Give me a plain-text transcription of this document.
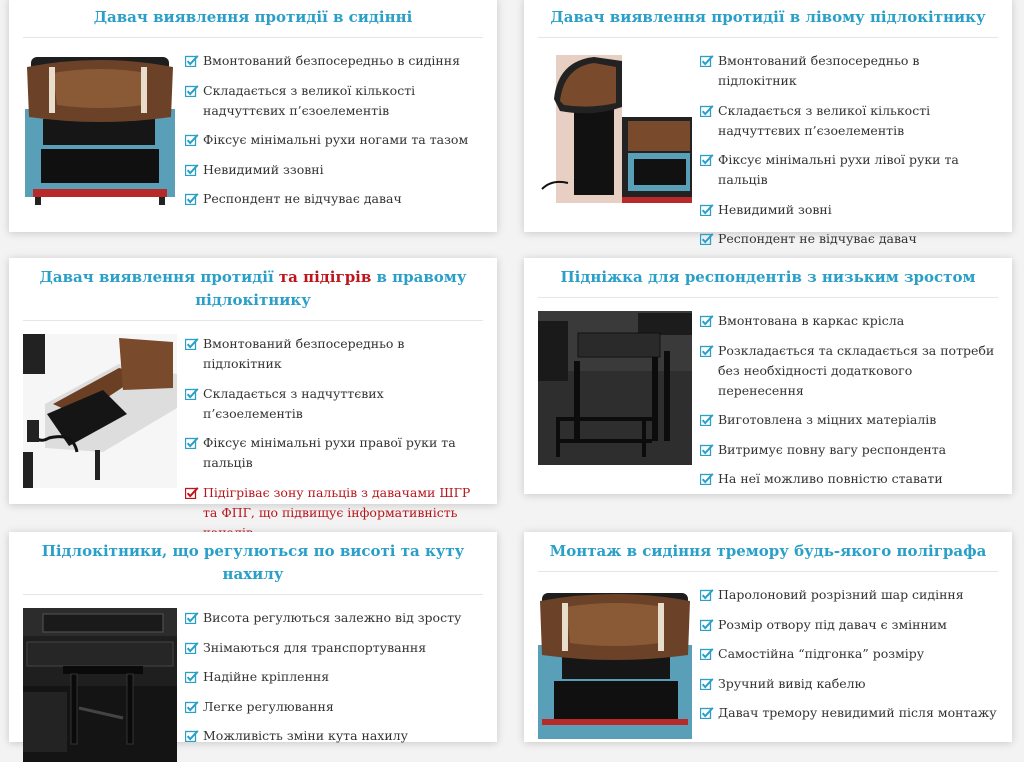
Давач виявлення протидії в сидінні
Вмонтований безпосередньо в сидіння
Складається з великої кількості надчуттєвих п’єзоелементів
Фіксує мінімальні рухи ногами та тазом
Невидимий ззовні
Респондент не відчуває давач
Давач виявлення протидії в лівому підлокітнику
Вмонтований безпосередньо в підлокітник
Складається з великої кількості надчуттєвих п’єзоелементів
Фіксує мінімальні рухи лівої руки та пальців
Невидимий зовні
Респондент не відчуває давач
Давач виявлення протидії та підігрів в правому підлокітнику
Вмонтований безпосередньо в підлокітник
Складається з надчуттєвих п’єзоелементів
Фіксує мінімальні рухи правої руки та пальців
Підігріває зону пальців з давачами ШГР та ФПГ, що підвищує інформативність
Підніжка для респондентів з низьким зростом
Вмонтована в каркас крісла
Розкладається та складається за потреби без необхідності додаткового перенесення
Виготовлена з міцних матеріалів
Витримує повну вагу респондента
На неї можливо повністю ставати
Підлокітники, що регулються по висоті та куту нахилу
Висота регулються залежно від зросту
Знімаються для транспортування
Надійне кріплення
Легке регулювання
Можливість зміни кута нахилу
Монтаж в сидіння тремору будь-якого поліграфа
Паролоновий розрізний шар сидіння
Розмір отвору під давач є змінним
Самостійна “підгонка” розміру
Зручний вивід кабелю
Давач тремору невидимий після монтажу
